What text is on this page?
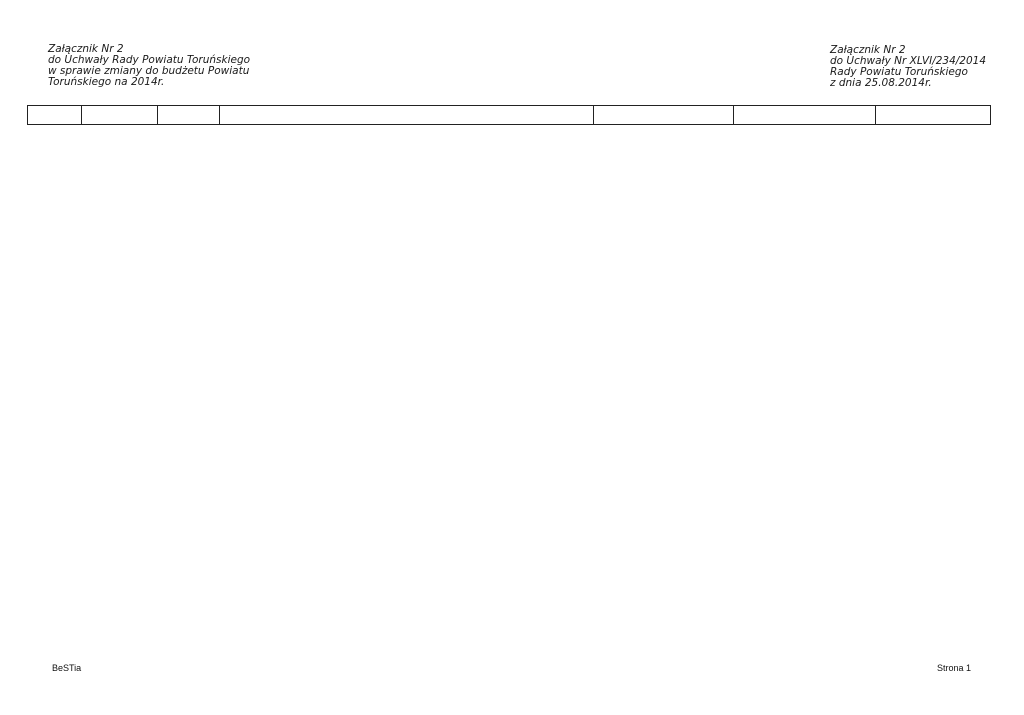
Załącznik Nr 2
do Uchwały Rady Powiatu Toruńskiego
w sprawie zmiany do budżetu Powiatu
Toruńskiego na 2014r.
Załącznik Nr 2
do Uchwały Nr XLVI/234/2014
Rady Powiatu Toruńskiego
z dnia 25.08.2014r.

BeSTia	Strona 1
